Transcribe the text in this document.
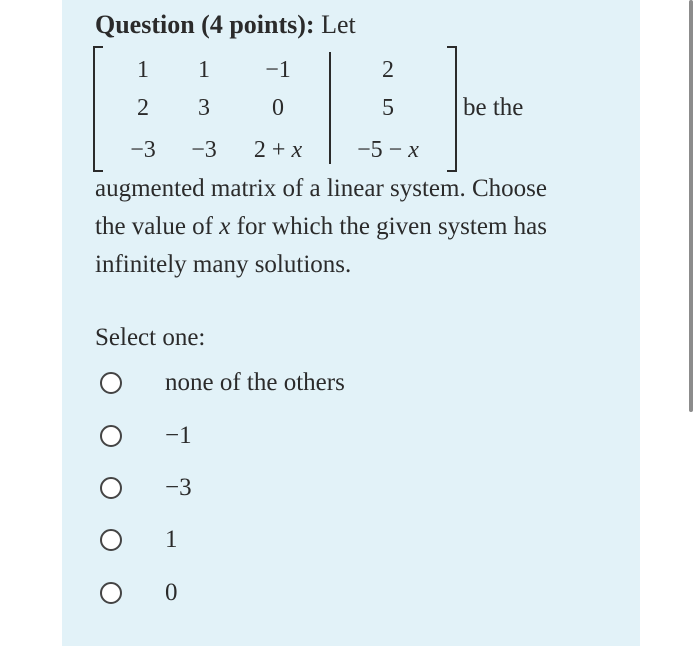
Question (4 points): Let
1	1	−1	2
2	3	0	5
−3	−3	2 + x	−5 − x
be the
augmented matrix of a linear system. Choose
the value of x for which the given system has
infinitely many solutions.
Select one:
none of the others
−1
−3
1
0
